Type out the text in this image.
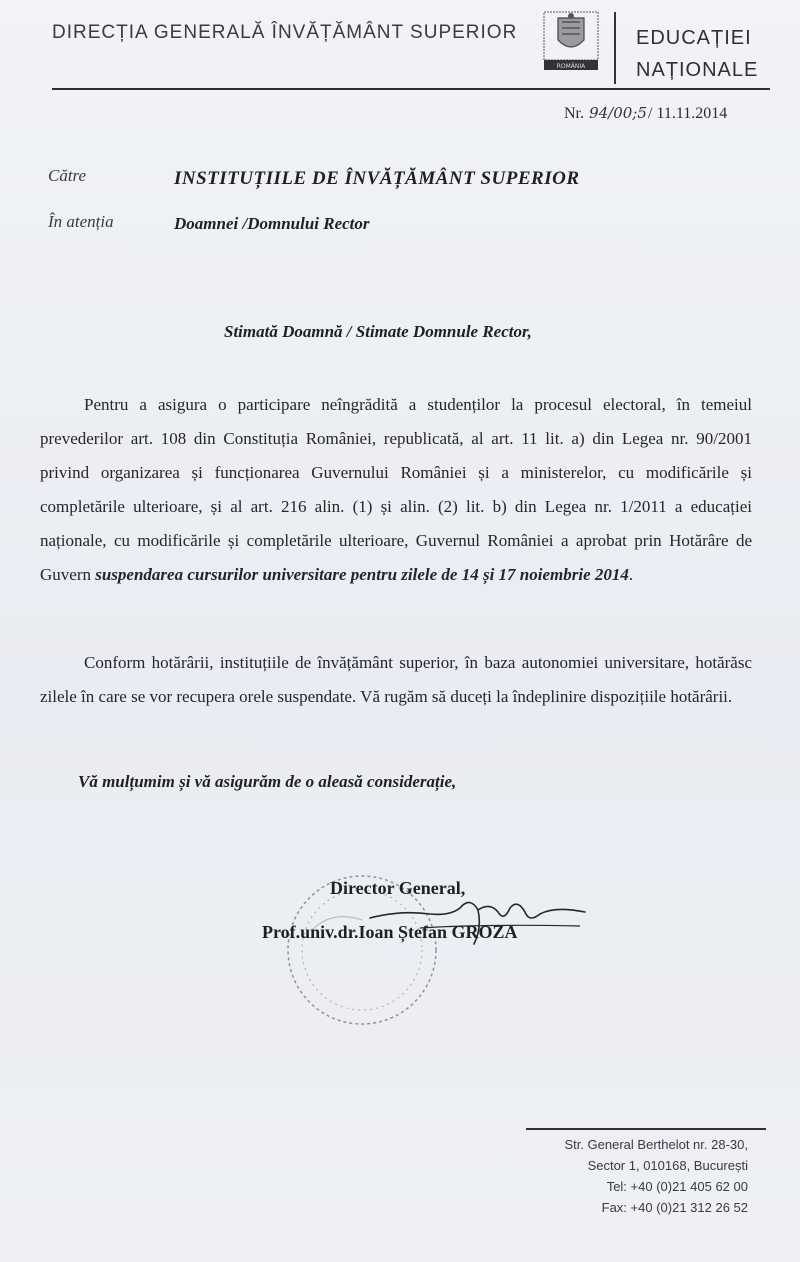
DIRECȚIA GENERALĂ ÎNVĂȚĂMÂNT SUPERIOR
ROMÂNIA
EDUCAȚIEI
NAȚIONALE
Nr. 94/00;5/ 11.11.2014
Către	INSTITUȚIILE DE ÎNVĂȚĂMÂNT SUPERIOR
În atenția	Doamnei /Domnului Rector
Stimată Doamnă / Stimate Domnule Rector,
Pentru a asigura o participare neîngrădită a studenților la procesul electoral, în temeiul prevederilor art. 108 din Constituția României, republicată, al art. 11 lit. a) din Legea nr. 90/2001 privind organizarea și funcționarea Guvernului României și a ministerelor, cu modificările și completările ulterioare, și al art. 216 alin. (1) și alin. (2) lit. b) din Legea nr. 1/2011 a educației naționale, cu modificările și completările ulterioare, Guvernul României a aprobat prin Hotărâre de Guvern suspendarea cursurilor universitare pentru zilele de 14 și 17 noiembrie 2014.
Conform hotărârii, instituțiile de învățământ superior, în baza autonomiei universitare, hotărăsc zilele în care se vor recupera orele suspendate. Vă rugăm să duceți la îndeplinire dispozițiile hotărârii.
Vă mulțumim și vă asigurăm de o aleasă considerație,
Director General,
Prof.univ.dr.Ioan Ștefan GROZA
Str. General Berthelot nr. 28-30,
Sector 1, 010168, București
Tel: +40 (0)21 405 62 00
Fax: +40 (0)21 312 26 52
